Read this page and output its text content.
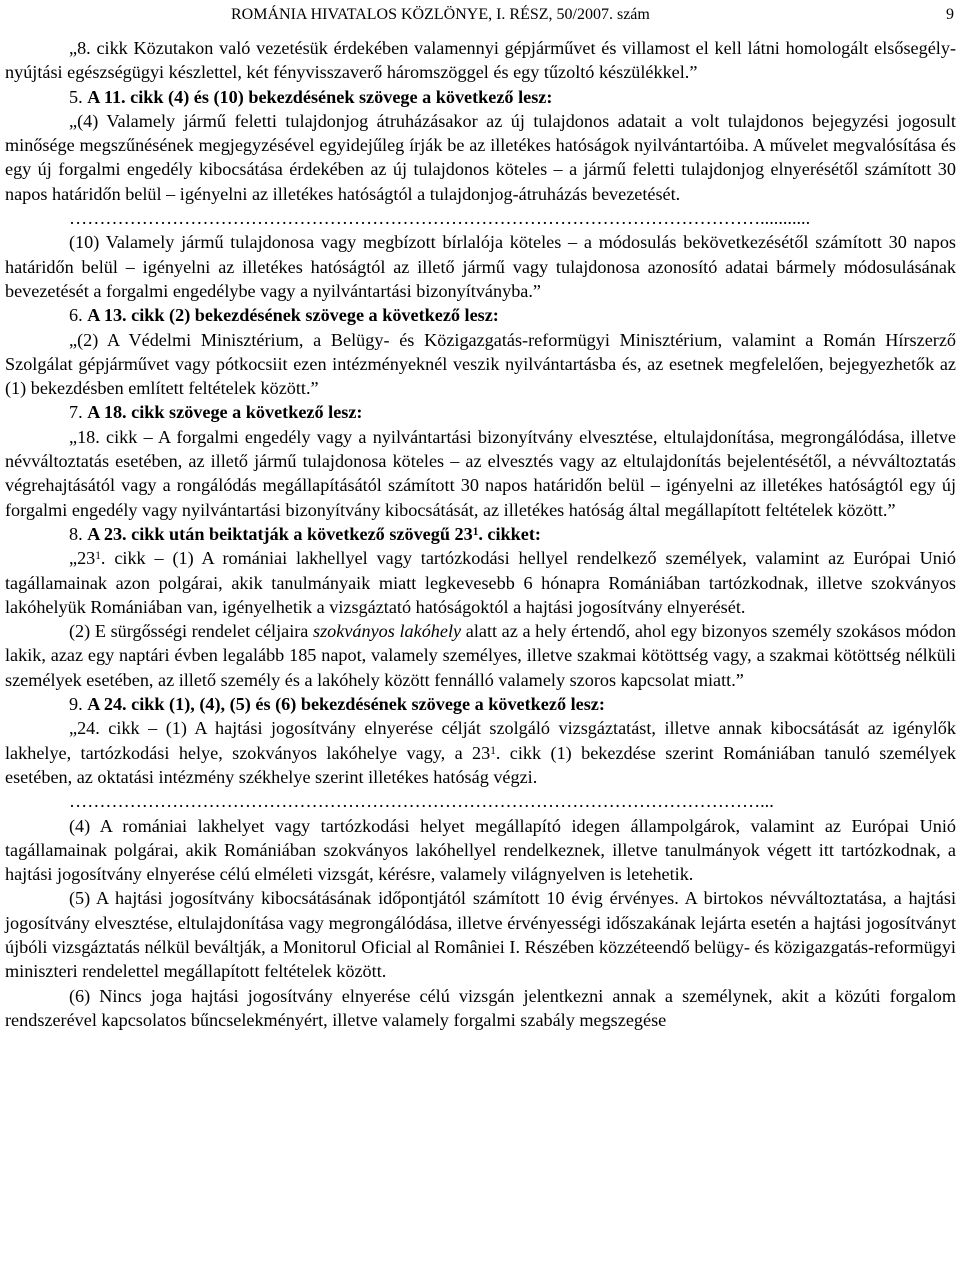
ROMÁNIA HIVATALOS KÖZLÖNYE, I. RÉSZ, 50/2007. szám	9

„8. cikk Közutakon való vezetésük érdekében valamennyi gépjárművet és villamost el kell látni homologált elsősegély-nyújtási egészségügyi készlettel, két fényvisszaverő háromszöggel és egy tűzoltó készülékkel.”

5. A 11. cikk (4) és (10) bekezdésének szövege a következő lesz:

„(4) Valamely jármű feletti tulajdonjog átruházásakor az új tulajdonos adatait a volt tulajdonos bejegyzési jogosult minősége megszűnésének megjegyzésével egyidejűleg írják be az illetékes hatóságok nyilvántartóiba. A művelet megvalósítása és egy új forgalmi engedély kibocsátása érdekében az új tulajdonos köteles – a jármű feletti tulajdonjog elnyerésétől számított 30 napos határidőn belül – igényelni az illetékes hatóságtól a tulajdonjog-átruházás bevezetését.

……………………………………………………………………………………………………...........

(10) Valamely jármű tulajdonosa vagy megbízott bírlalója köteles – a módosulás bekövetkezésétől számított 30 napos határidőn belül – igényelni az illetékes hatóságtól az illető jármű vagy tulajdonosa azonosító adatai bármely módosulásának bevezetését a forgalmi engedélybe vagy a nyilvántartási bizonyítványba.”

6. A 13. cikk (2) bekezdésének szövege a következő lesz:

„(2) A Védelmi Minisztérium, a Belügy- és Közigazgatás-reformügyi Minisztérium, valamint a Román Hírszerző Szolgálat gépjárművet vagy pótkocsiit ezen intézményeknél veszik nyilvántartásba és, az esetnek megfelelően, bejegyezhetők az (1) bekezdésben említett feltételek között.”

7. A 18. cikk szövege a következő lesz:

„18. cikk – A forgalmi engedély vagy a nyilvántartási bizonyítvány elvesztése, eltulajdonítása, megrongálódása, illetve névváltoztatás esetében, az illető jármű tulajdonosa köteles – az elvesztés vagy az eltulajdonítás bejelentésétől, a névváltoztatás végrehajtásától vagy a rongálódás megállapításától számított 30 napos határidőn belül – igényelni az illetékes hatóságtól egy új forgalmi engedély vagy nyilvántartási bizonyítvány kibocsátását, az illetékes hatóság által megállapított feltételek között.”

8. A 23. cikk után beiktatják a következő szövegű $23^1$. cikket:

$„23^1$. cikk – (1) A romániai lakhellyel vagy tartózkodási hellyel rendelkező személyek, valamint az Európai Unió tagállamainak azon polgárai, akik tanulmányaik miatt legkevesebb 6 hónapra Romániában tartózkodnak, illetve szokványos lakóhelyük Romániában van, igényelhetik a vizsgáztató hatóságoktól a hajtási jogosítvány elnyerését.

(2) E sürgősségi rendelet céljaira szokványos lakóhely alatt az a hely értendő, ahol egy bizonyos személy szokásos módon lakik, azaz egy naptári évben legalább 185 napot, valamely személyes, illetve szakmai kötöttség vagy, a szakmai kötöttség nélküli személyek esetében, az illető személy és a lakóhely között fennálló valamely szoros kapcsolat miatt.”

9. A 24. cikk (1), (4), (5) és (6) bekezdésének szövege a következő lesz:

„24. cikk – (1) A hajtási jogosítvány elnyerése célját szolgáló vizsgáztatást, illetve annak kibocsátását az igénylők lakhelye, tartózkodási helye, szokványos lakóhelye vagy, a $23^1$. cikk (1) bekezdése szerint Romániában tanuló személyek esetében, az oktatási intézmény székhelye szerint illetékes hatóság végzi.

……………………………………………………………………………………………………...

(4) A romániai lakhelyet vagy tartózkodási helyet megállapító idegen állampolgárok, valamint az Európai Unió tagállamainak polgárai, akik Romániában szokványos lakóhellyel rendelkeznek, illetve tanulmányok végett itt tartózkodnak, a hajtási jogosítvány elnyerése célú elméleti vizsgát, kérésre, valamely világnyelven is letehetik.

(5) A hajtási jogosítvány kibocsátásának időpontjától számított 10 évig érvényes. A birtokos névváltoztatása, a hajtási jogosítvány elvesztése, eltulajdonítása vagy megrongálódása, illetve érvényességi időszakának lejárta esetén a hajtási jogosítványt újbóli vizsgáztatás nélkül beváltják, a Monitorul Oficial al României I. Részében közzéteendő belügy- és közigazgatás-reformügyi miniszteri rendelettel megállapított feltételek között.

(6) Nincs joga hajtási jogosítvány elnyerése célú vizsgán jelentkezni annak a személynek, akit a közúti forgalom rendszerével kapcsolatos bűncselekményért, illetve valamely forgalmi szabály megszegése
